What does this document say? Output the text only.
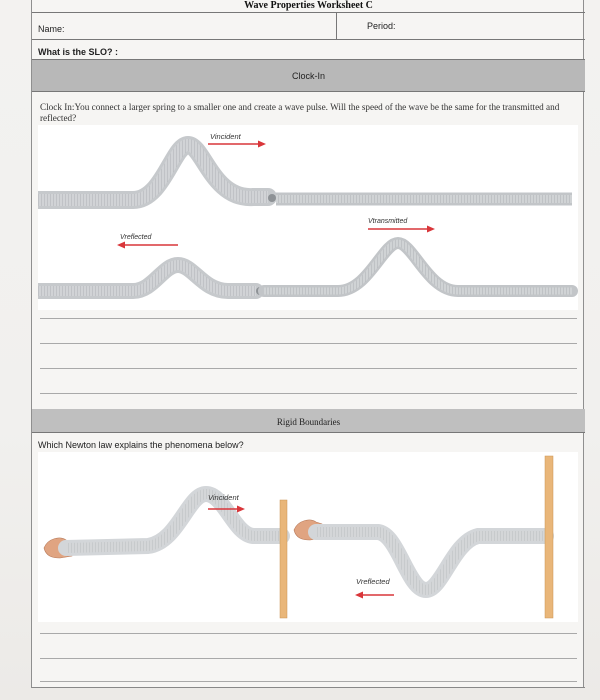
Wave Properties Worksheet C
Name:	Period:
What is the SLO? :
Clock-In
Clock In:You connect a larger spring to a smaller one and create a wave pulse. Will the speed of the wave be the same for the transmitted and reflected?
Vincident
Vreflected
Vtransmitted
Rigid Boundaries
Which Newton law explains the phenomena below?
Vincident
Vreflected
